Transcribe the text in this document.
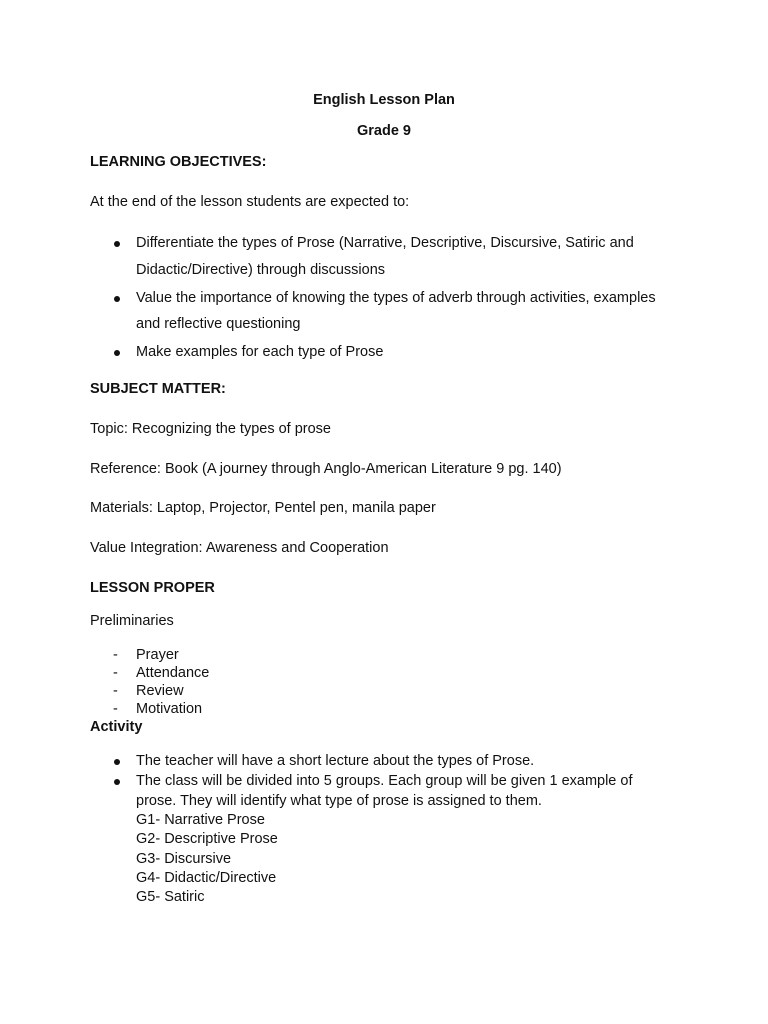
English Lesson Plan
Grade 9
LEARNING OBJECTIVES:
At the end of the lesson students are expected to:
Differentiate the types of Prose (Narrative, Descriptive, Discursive, Satiric and
Didactic/Directive) through discussions
Value the importance of knowing the types of adverb through activities, examples
and reflective questioning
Make examples for each type of Prose
SUBJECT MATTER:
Topic: Recognizing the types of prose
Reference: Book (A journey through Anglo-American Literature 9 pg. 140)
Materials: Laptop, Projector, Pentel pen, manila paper
Value Integration: Awareness and Cooperation
LESSON PROPER
Preliminaries
- Prayer
- Attendance
- Review
- Motivation
Activity
The teacher will have a short lecture about the types of Prose.
The class will be divided into 5 groups. Each group will be given 1 example of
prose. They will identify what type of prose is assigned to them.
G1- Narrative Prose
G2- Descriptive Prose
G3- Discursive
G4- Didactic/Directive
G5- Satiric
